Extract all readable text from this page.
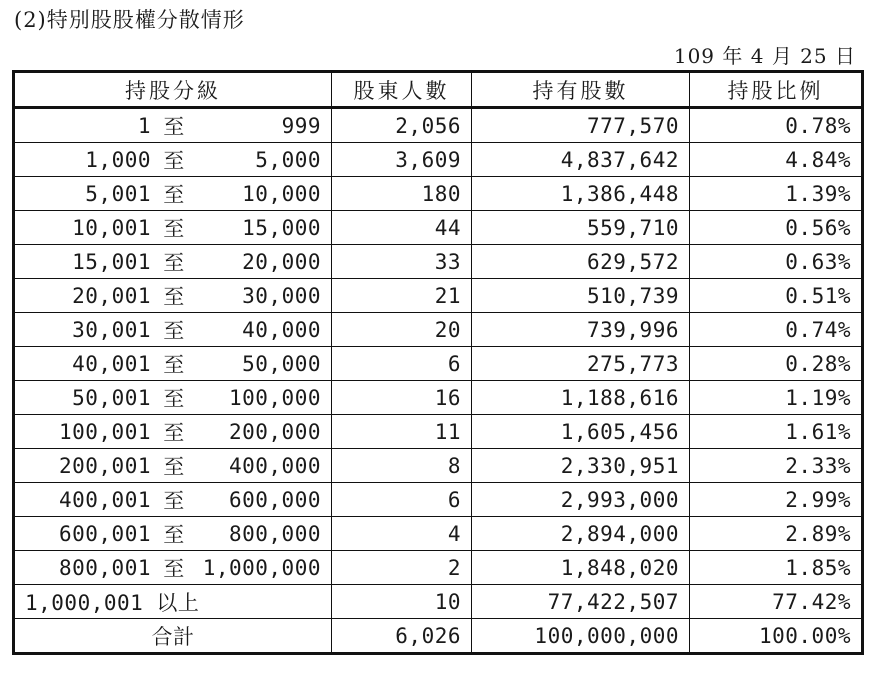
(2)特別股股權分散情形
109 年 4 月 25 日
持股分級	股東人數	持有股數	持股比例

1 至 999	2,056	777,570	0.78%

1,000 至 5,000	3,609	4,837,642	4.84%

5,001 至 10,000	180	1,386,448	1.39%

10,001 至 15,000	44	559,710	0.56%

15,001 至 20,000	33	629,572	0.63%

20,001 至 30,000	21	510,739	0.51%

30,001 至 40,000	20	739,996	0.74%

40,001 至 50,000	6	275,773	0.28%

50,001 至 100,000	16	1,188,616	1.19%

100,001 至 200,000	11	1,605,456	1.61%

200,001 至 400,000	8	2,330,951	2.33%

400,001 至 600,000	6	2,993,000	2.99%

600,001 至 800,000	4	2,894,000	2.89%

800,001 至 1,000,000	2	1,848,020	1.85%
1,000,001 以上	10	77,422,507	77.42%
合計	6,026	100,000,000	100.00%
